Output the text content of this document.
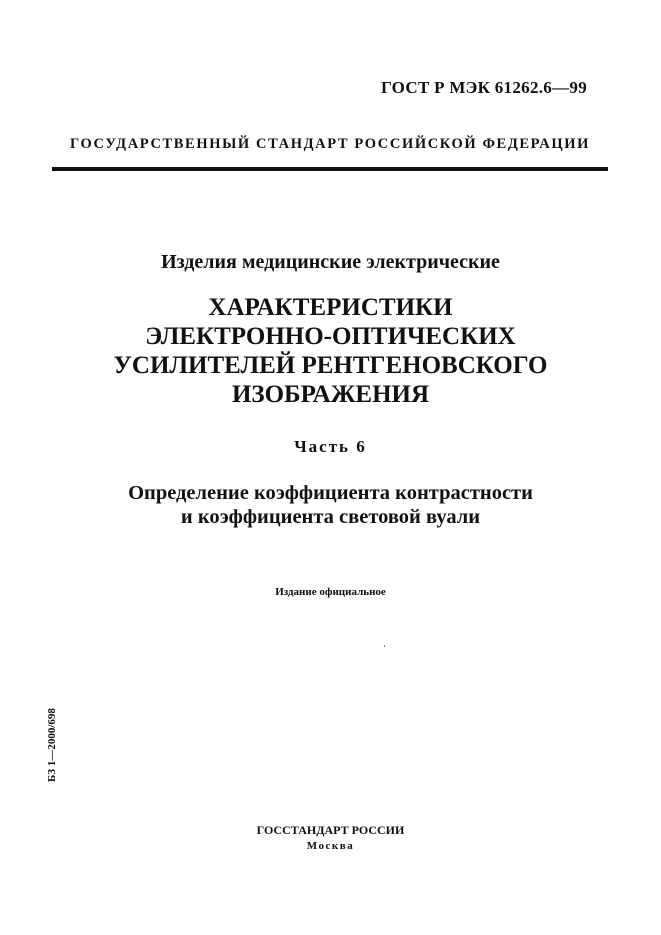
ГОСТ Р МЭК 61262.6—99
ГОСУДАРСТВЕННЫЙ СТАНДАРТ РОССИЙСКОЙ ФЕДЕРАЦИИ
Изделия медицинские электрические
ХАРАКТЕРИСТИКИ
ЭЛЕКТРОННО-ОПТИЧЕСКИХ
УСИЛИТЕЛЕЙ РЕНТГЕНОВСКОГО
ИЗОБРАЖЕНИЯ
Часть 6
Определение коэффициента контрастности
и коэффициента световой вуали
Издание официальное
БЗ 1—2000/698
ГОССТАНДАРТ РОССИИ
Москва
